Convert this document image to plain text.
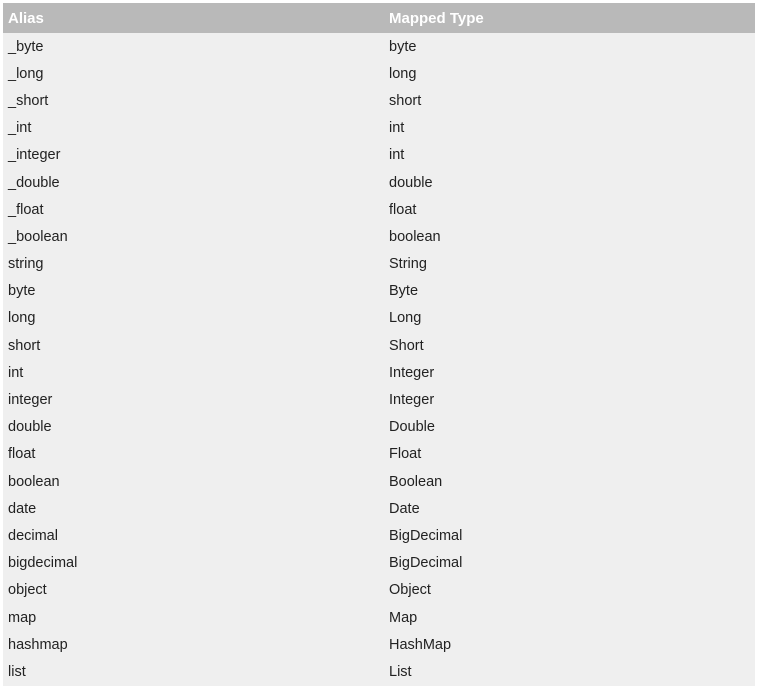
Alias	Mapped Type
_byte	byte
_long	long
_short	short
_int	int
_integer	int
_double	double
_float	float
_boolean	boolean
string	String
byte	Byte
long	Long
short	Short
int	Integer
integer	Integer
double	Double
float	Float
boolean	Boolean
date	Date
decimal	BigDecimal
bigdecimal	BigDecimal
object	Object
map	Map
hashmap	HashMap
list	List
